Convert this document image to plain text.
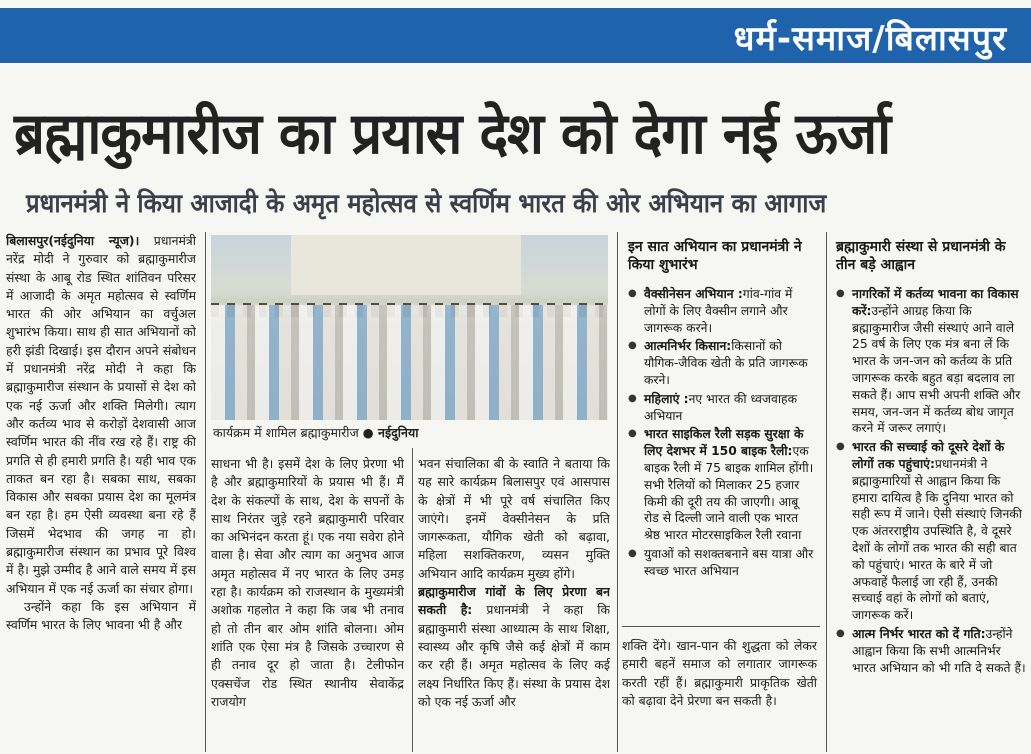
धर्म-समाज/बिलासपुर
ब्रह्माकुमारीज का प्रयास देश को देगा नई ऊर्जा
प्रधानमंत्री ने किया आजादी के अमृत महोत्सव से स्वर्णिम भारत की ओर अभियान का आगाज

बिलासपुर(नईदुनिया न्यूज)। प्रधानमंत्री नरेंद्र मोदी ने गुरुवार को ब्रह्माकुमारीज संस्था के आबू रोड स्थित शांतिवन परिसर में आजादी के अमृत महोत्सव से स्वर्णिम भारत की ओर अभियान का वर्चुअल शुभारंभ किया। साथ ही सात अभियानों को हरी झंडी दिखाई। इस दौरान अपने संबोधन में प्रधानमंत्री नरेंद्र मोदी ने कहा कि ब्रह्माकुमारीज संस्थान के प्रयासों से देश को एक नई ऊर्जा और शक्ति मिलेगी। त्याग और कर्तव्य भाव से करोड़ों देशवासी आज स्वर्णिम भारत की नींव रख रहे हैं। राष्ट्र की प्रगति से ही हमारी प्रगति है। यही भाव एक ताकत बन रहा है। सबका साथ, सबका विकास और सबका प्रयास देश का मूलमंत्र बन रहा है। हम ऐसी व्यवस्था बना रहे हैं जिसमें भेदभाव की जगह ना हो। ब्रह्माकुमारीज संस्थान का प्रभाव पूरे विश्व में है। मुझे उम्मीद है आने वाले समय में इस अभियान में एक नई ऊर्जा का संचार होगा।

उन्होंने कहा कि इस अभियान में स्वर्णिम भारत के लिए भावना भी है और

कार्यक्रम में शामिल ब्रह्माकुमारीज ● नईदुनिया

साधना भी है। इसमें देश के लिए प्रेरणा भी है और ब्रह्माकुमारियों के प्रयास भी हैं। मैं देश के संकल्पों के साथ, देश के सपनों के साथ निरंतर जुड़े रहने ब्रह्माकुमारी परिवार का अभिनंदन करता हूं। एक नया सवेरा होने वाला है। सेवा और त्याग का अनुभव आज अमृत महोत्सव में नए भारत के लिए उमड़ रहा है। कार्यक्रम को राजस्थान के मुख्यमंत्री अशोक गहलोत ने कहा कि जब भी तनाव हो तो तीन बार ओम शांति बोलना। ओम शांति एक ऐसा मंत्र है जिसके उच्चारण से ही तनाव दूर हो जाता है। टेलीफोन एक्सचेंज रोड स्थित स्थानीय सेवाकेंद्र राजयोग

भवन संचालिका बी के स्वाति ने बताया कि यह सारे कार्यक्रम बिलासपुर एवं आसपास के क्षेत्रों में भी पूरे वर्ष संचालित किए जाएंगे। इनमें वेक्सीनेसन के प्रति जागरूकता, यौगिक खेती को बढ़ावा, महिला सशक्तिकरण, व्यसन मुक्ति अभियान आदि कार्यक्रम मुख्य होंगे।

ब्रह्माकुमारीज गांवों के लिए प्रेरणा बन सकती है: प्रधानमंत्री ने कहा कि ब्रह्माकुमारी संस्था आध्यात्म के साथ शिक्षा, स्वास्थ्य और कृषि जैसे कई क्षेत्रों में काम कर रही हैं। अमृत महोत्सव के लिए कई लक्ष्य निर्धारित किए हैं। संस्था के प्रयास देश को एक नई ऊर्जा और

शक्ति देंगे। खान-पान की शुद्धता को लेकर हमारी बहनें समाज को लगातार जागरूक करती रहीं हैं। ब्रह्माकुमारी प्राकृतिक खेती को बढ़ावा देने प्रेरणा बन सकती है।

इन सात अभियान का प्रधानमंत्री ने किया शुभारंभ
● वैक्सीनेसन अभियान :गांव-गांव में लोगों के लिए वैक्सीन लगाने और जागरूक करने।
● आत्मनिर्भर किसान:किसानों को यौगिक-जैविक खेती के प्रति जागरूक करने।
● महिलाएं :नए भारत की ध्वजवाहक अभियान
● भारत साइकिल रैली सड़क सुरक्षा के लिए देशभर में 150 बाइक रैली:एक बाइक रैली में 75 बाइक शामिल होंगी। सभी रैलियों को मिलाकर 25 हजार किमी की दूरी तय की जाएगी। आबू रोड से दिल्ली जाने वाली एक भारत श्रेष्ठ भारत मोटरसाइकिल रैली रवाना
● युवाओं को सशक्तबनाने बस यात्रा और स्वच्छ भारत अभियान
ब्रह्माकुमारी संस्था से प्रधानमंत्री के तीन बड़े आह्वान
● नागरिकों में कर्तव्य भावना का विकास करें:उन्होंने आग्रह किया कि ब्रह्माकुमारीज जैसी संस्थाएं आने वाले 25 वर्ष के लिए एक मंत्र बना लें कि भारत के जन-जन को कर्तव्य के प्रति जागरूक करके बहुत बड़ा बदलाव ला सकते हैं। आप सभी अपनी शक्ति और समय, जन-जन में कर्तव्य बोध जागृत करने में जरूर लगाएं।
● भारत की सच्चाई को दूसरे देशों के लोगों तक पहुंचाएं:प्रधानमंत्री ने ब्रह्माकुमारियों से आह्वान किया कि हमारा दायित्व है कि दुनिया भारत को सही रूप में जाने। ऐसी संस्थाएं जिनकी एक अंतरराष्ट्रीय उपस्थिति है, वे दूसरे देशों के लोगों तक भारत की सही बात को पहुंचाएं। भारत के बारे में जो अफवाहें फैलाई जा रही हैं, उनकी सच्चाई वहां के लोगों को बताएं, जागरूक करें।
● आत्म निर्भर भारत को दें गति:उन्होंने आह्वान किया कि सभी आत्मनिर्भर भारत अभियान को भी गति दे सकते हैं।
